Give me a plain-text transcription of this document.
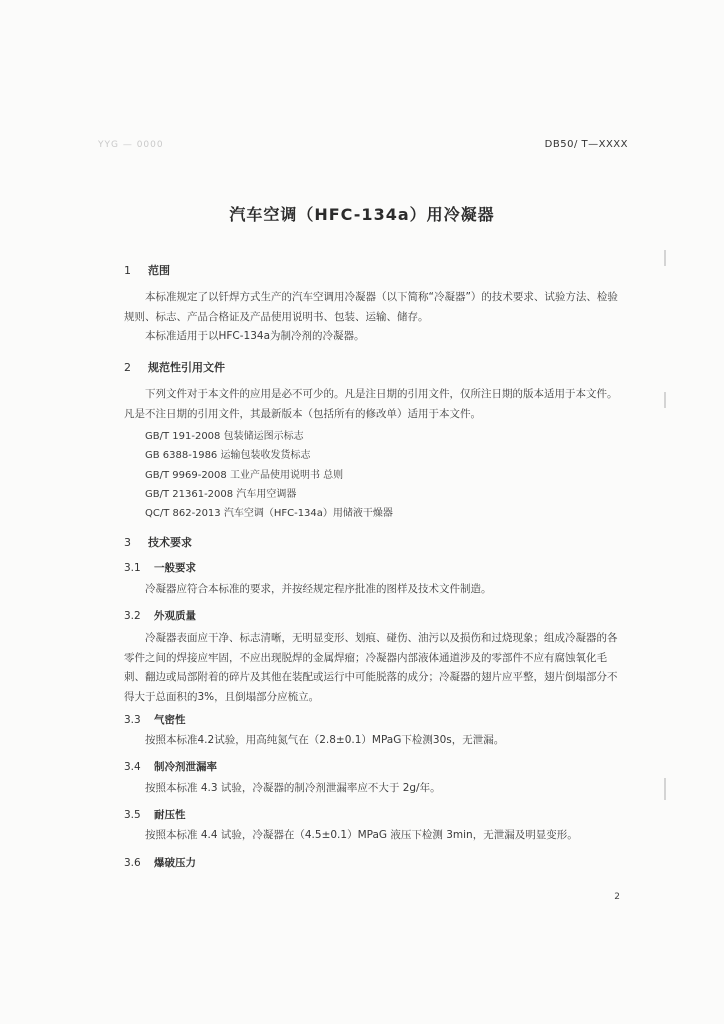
YYG — 0000	DB50/ T—XXXX
汽车空调（HFC-134a）用冷凝器
1 范围
本标准规定了以钎焊方式生产的汽车空调用冷凝器（以下简称“冷凝器”）的技术要求、试验方法、检验规则、标志、产品合格证及产品使用说明书、包装、运输、储存。
本标准适用于以HFC-134a为制冷剂的冷凝器。
2 规范性引用文件
下列文件对于本文件的应用是必不可少的。凡是注日期的引用文件，仅所注日期的版本适用于本文件。凡是不注日期的引用文件，其最新版本（包括所有的修改单）适用于本文件。
GB/T 191-2008 包装储运图示标志
GB 6388-1986 运输包装收发货标志
GB/T 9969-2008 工业产品使用说明书 总则
GB/T 21361-2008 汽车用空调器
QC/T 862-2013 汽车空调（HFC-134a）用储液干燥器
3 技术要求
3.1 一般要求
冷凝器应符合本标准的要求，并按经规定程序批准的图样及技术文件制造。
3.2 外观质量
冷凝器表面应干净、标志清晰，无明显变形、划痕、碰伤、油污以及损伤和过烧现象；组成冷凝器的各零件之间的焊接应牢固，不应出现脱焊的金属焊瘤；冷凝器内部液体通道涉及的零部件不应有腐蚀氧化毛刺、翻边或局部附着的碎片及其他在装配或运行中可能脱落的成分；冷凝器的翅片应平整，翅片倒塌部分不得大于总面积的3%，且倒塌部分应梳立。
3.3 气密性
按照本标准4.2试验，用高纯氮气在（2.8±0.1）MPaG下检测30s，无泄漏。
3.4 制冷剂泄漏率
按照本标准 4.3 试验，冷凝器的制冷剂泄漏率应不大于 2g/年。
3.5 耐压性
按照本标准 4.4 试验，冷凝器在（4.5±0.1）MPaG 液压下检测 3min，无泄漏及明显变形。
3.6 爆破压力
2
